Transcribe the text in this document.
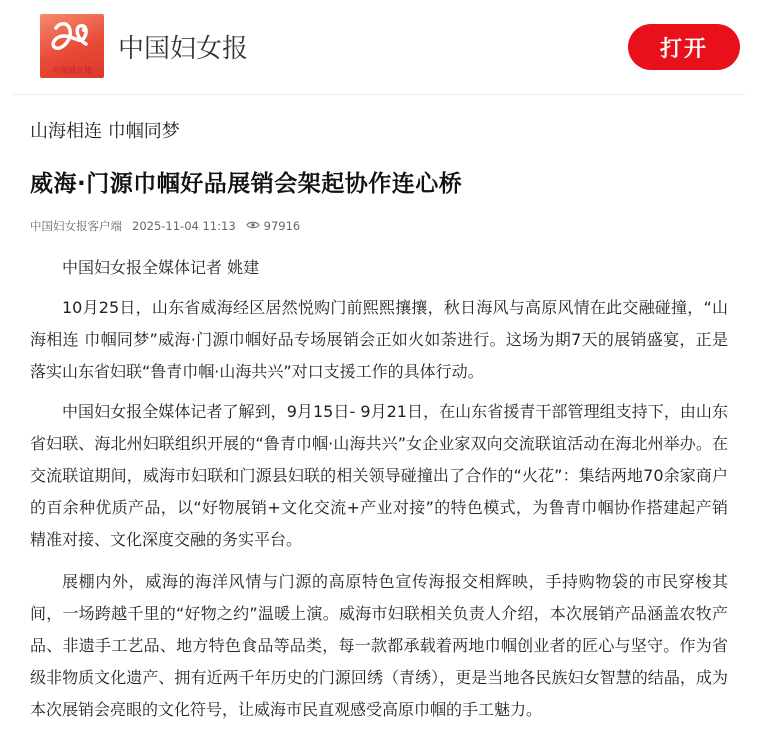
中国婦女報
中国妇女报	打开
山海相连 巾帼同梦
威海·门源巾帼好品展销会架起协作连心桥
中国妇女报客户端 2025-11-04 11:13 97916

中国妇女报全媒体记者 姚建

10月25日，山东省威海经区居然悦购门前熙熙攘攘，秋日海风与高原风情在此交融碰撞，“山海相连 巾帼同梦”威海·门源巾帼好品专场展销会正如火如荼进行。这场为期7天的展销盛宴，正是落实山东省妇联“鲁青巾帼·山海共兴”对口支援工作的具体行动。

中国妇女报全媒体记者了解到，9月15日- 9月21日，在山东省援青干部管理组支持下，由山东省妇联、海北州妇联组织开展的“鲁青巾帼·山海共兴”女企业家双向交流联谊活动在海北州举办。在交流联谊期间，威海市妇联和门源县妇联的相关领导碰撞出了合作的“火花”：集结两地70余家商户的百余种优质产品，以“好物展销+文化交流+产业对接”的特色模式，为鲁青巾帼协作搭建起产销精准对接、文化深度交融的务实平台。

展棚内外，威海的海洋风情与门源的高原特色宣传海报交相辉映，手持购物袋的市民穿梭其间，一场跨越千里的“好物之约”温暖上演。威海市妇联相关负责人介绍，本次展销产品涵盖农牧产品、非遗手工艺品、地方特色食品等品类，每一款都承载着两地巾帼创业者的匠心与坚守。作为省级非物质文化遗产、拥有近两千年历史的门源回绣（青绣），更是当地各民族妇女智慧的结晶，成为本次展销会亮眼的文化符号，让威海市民直观感受高原巾帼的手工魅力。
